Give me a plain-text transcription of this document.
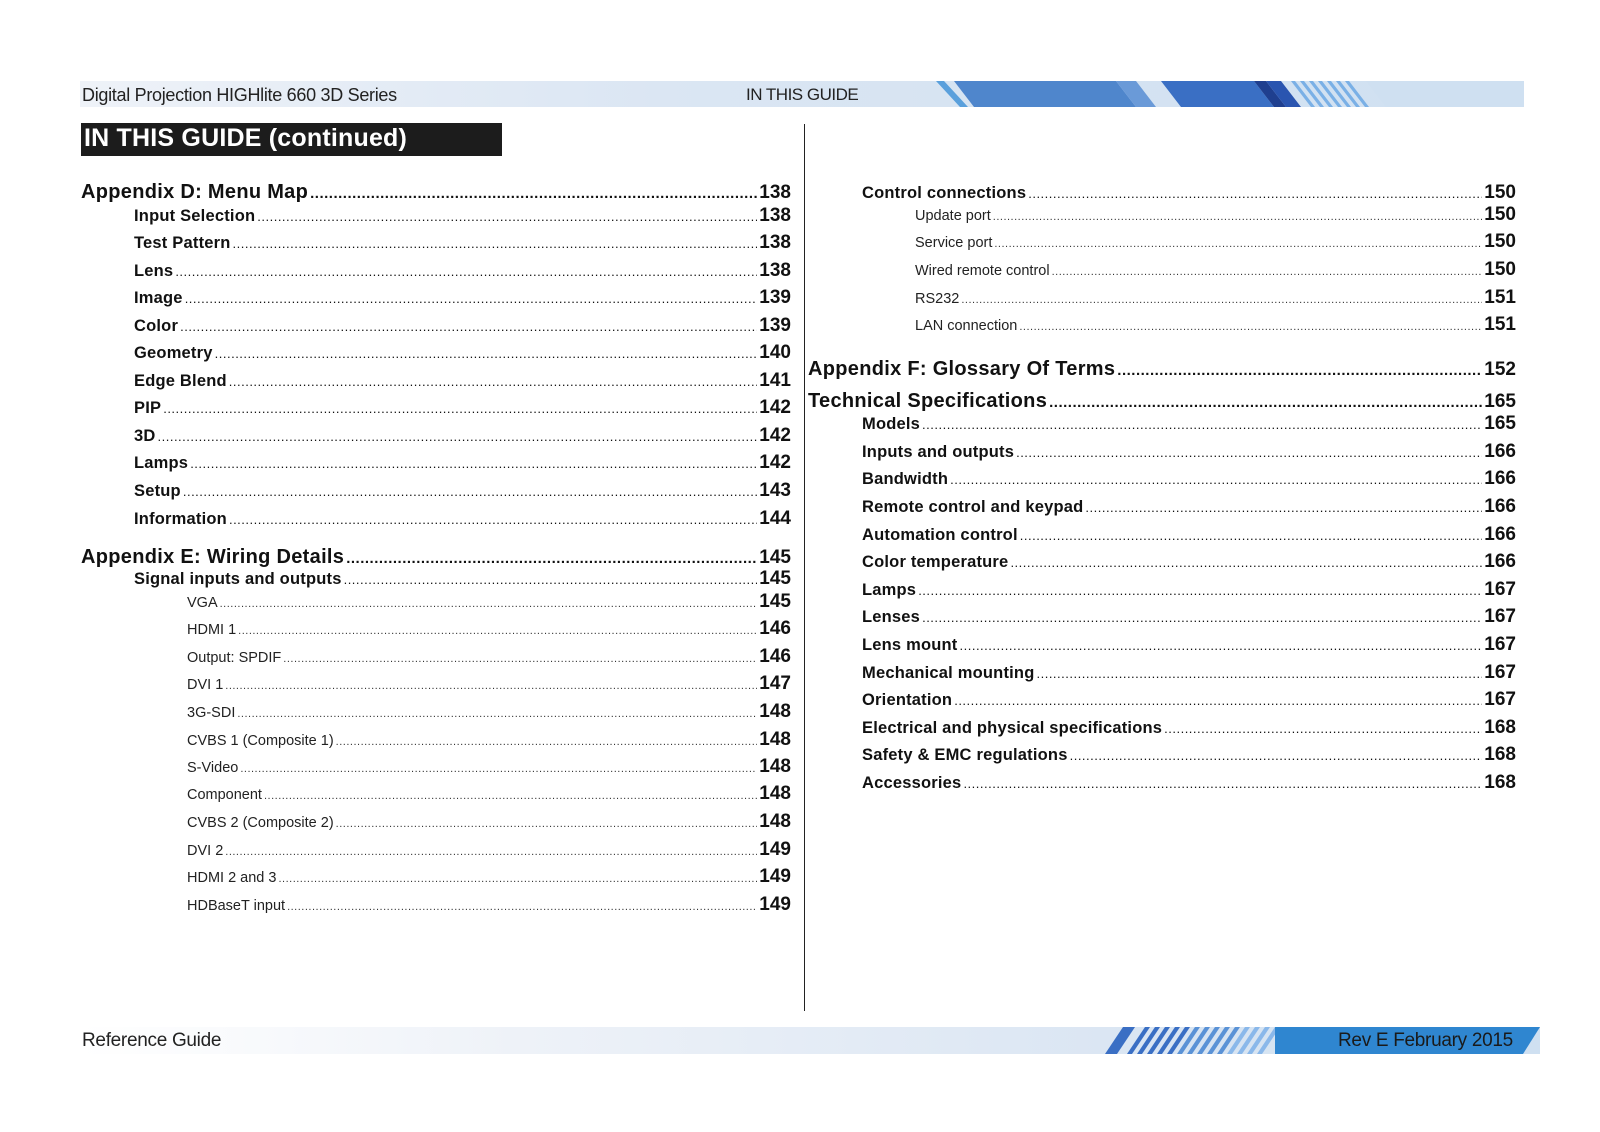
Digital Projection HIGHlite 660 3D Series	IN THIS GUIDE
IN THIS GUIDE (continued)
Appendix D: Menu Map .....	138
Input Selection .....	138
Test Pattern .....	138
Lens .....	138
Image .....	139
Color .....	139
Geometry .....	140
Edge Blend .....	141
PIP .....	142
3D .....	142
Lamps .....	142
Setup .....	143
Information .....	144
Appendix E: Wiring Details .....	145
Signal inputs and outputs .....	145
VGA .....	145
HDMI 1 .....	146
Output: SPDIF .....	146
DVI 1 .....	147
3G-SDI .....	148
CVBS 1 (Composite 1) .....	148
S-Video .....	148
Component .....	148
CVBS 2 (Composite 2) .....	148
DVI 2 .....	149
HDMI 2 and 3 .....	149
HDBaseT input .....	149
Control connections .....	150
Update port .....	150
Service port .....	150
Wired remote control .....	150
RS232 .....	151
LAN connection .....	151
Appendix F: Glossary Of Terms .....	152
Technical Specifications .....	165
Models .....	165
Inputs and outputs .....	166
Bandwidth .....	166
Remote control and keypad .....	166
Automation control .....	166
Color temperature .....	166
Lamps .....	167
Lenses .....	167
Lens mount .....	167
Mechanical mounting .....	167
Orientation .....	167
Electrical and physical specifications .....	168
Safety & EMC regulations .....	168
Accessories .....	168
Reference Guide	Rev E February 2015
